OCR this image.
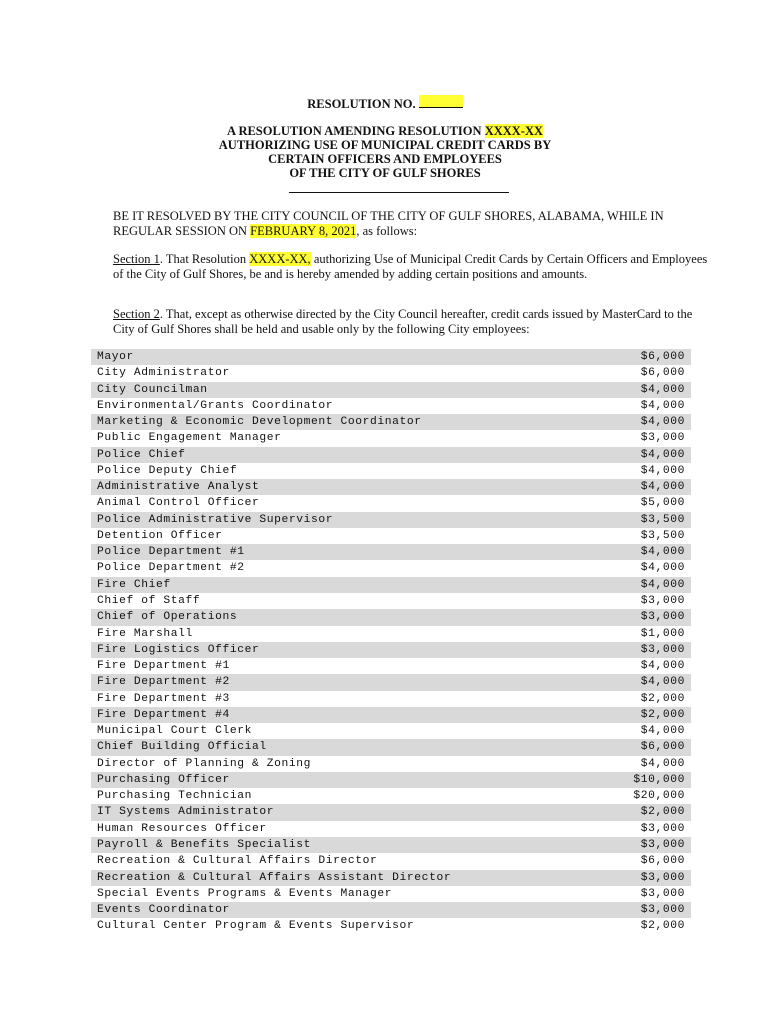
RESOLUTION NO.
A RESOLUTION AMENDING RESOLUTION XXXX-XX
AUTHORIZING USE OF MUNICIPAL CREDIT CARDS BY
CERTAIN OFFICERS AND EMPLOYEES
OF THE CITY OF GULF SHORES
BE IT RESOLVED BY THE CITY COUNCIL OF THE CITY OF GULF SHORES, ALABAMA, WHILE IN REGULAR SESSION ON FEBRUARY 8, 2021, as follows:
Section 1. That Resolution XXXX-XX, authorizing Use of Municipal Credit Cards by Certain Officers and Employees of the City of Gulf Shores, be and is hereby amended by adding certain positions and amounts.
Section 2. That, except as otherwise directed by the City Council hereafter, credit cards issued by MasterCard to the City of Gulf Shores shall be held and usable only by the following City employees:
Mayor	$6,000
City Administrator	$6,000
City Councilman	$4,000
Environmental/Grants Coordinator	$4,000
Marketing & Economic Development Coordinator	$4,000
Public Engagement Manager	$3,000
Police Chief	$4,000
Police Deputy Chief	$4,000
Administrative Analyst	$4,000
Animal Control Officer	$5,000
Police Administrative Supervisor	$3,500
Detention Officer	$3,500
Police Department #1	$4,000
Police Department #2	$4,000
Fire Chief	$4,000
Chief of Staff	$3,000
Chief of Operations	$3,000
Fire Marshall	$1,000
Fire Logistics Officer	$3,000
Fire Department #1	$4,000
Fire Department #2	$4,000
Fire Department #3	$2,000
Fire Department #4	$2,000
Municipal Court Clerk	$4,000
Chief Building Official	$6,000
Director of Planning & Zoning	$4,000
Purchasing Officer	$10,000
Purchasing Technician	$20,000
IT Systems Administrator	$2,000
Human Resources Officer	$3,000
Payroll & Benefits Specialist	$3,000
Recreation & Cultural Affairs Director	$6,000
Recreation & Cultural Affairs Assistant Director	$3,000
Special Events Programs & Events Manager	$3,000
Events Coordinator	$3,000
Cultural Center Program & Events Supervisor	$2,000
